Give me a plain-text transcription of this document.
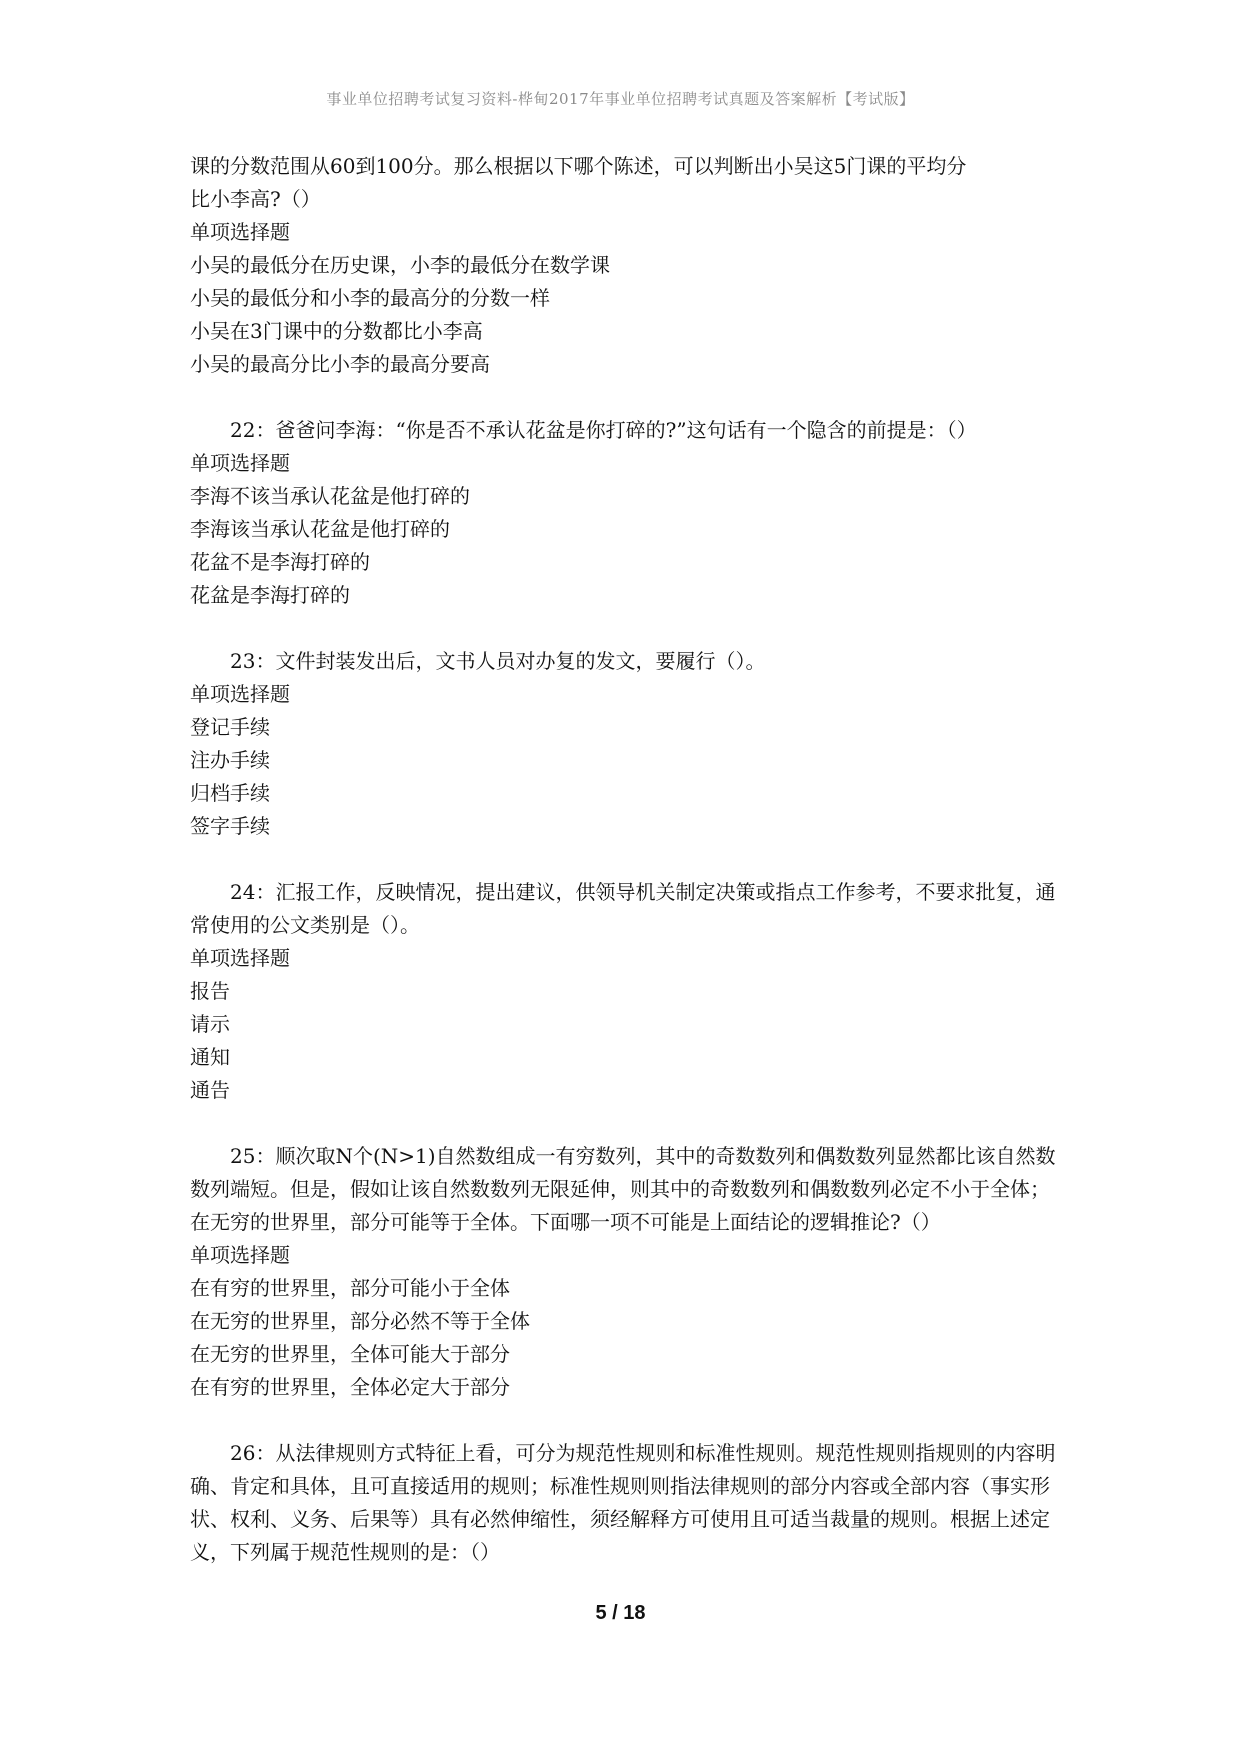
事业单位招聘考试复习资料-桦甸2017年事业单位招聘考试真题及答案解析【考试版】

课的分数范围从60到100分。那么根据以下哪个陈述，可以判断出小吴这5门课的平均分

比小李高?（）

单项选择题

小吴的最低分在历史课，小李的最低分在数学课

小吴的最低分和小李的最高分的分数一样

小吴在3门课中的分数都比小李高

小吴的最高分比小李的最高分要高

22：爸爸问李海：“你是否不承认花盆是你打碎的?”这句话有一个隐含的前提是：（）

单项选择题

李海不该当承认花盆是他打碎的

李海该当承认花盆是他打碎的

花盆不是李海打碎的

花盆是李海打碎的

23：文件封装发出后，文书人员对办复的发文，要履行（）。

单项选择题

登记手续

注办手续

归档手续

签字手续

24：汇报工作，反映情况，提出建议，供领导机关制定决策或指点工作参考，不要求批复，通常使用的公文类别是（）。

单项选择题

报告

请示

通知

通告

25：顺次取N个(N>1)自然数组成一有穷数列，其中的奇数数列和偶数数列显然都比该自然数数列端短。但是，假如让该自然数数列无限延伸，则其中的奇数数列和偶数数列必定不小于全体；在无穷的世界里，部分可能等于全体。下面哪一项不可能是上面结论的逻辑推论?（）

单项选择题

在有穷的世界里，部分可能小于全体

在无穷的世界里，部分必然不等于全体

在无穷的世界里，全体可能大于部分

在有穷的世界里，全体必定大于部分

26：从法律规则方式特征上看，可分为规范性规则和标准性规则。规范性规则指规则的内容明确、肯定和具体，且可直接适用的规则；标准性规则则指法律规则的部分内容或全部内容（事实形状、权利、义务、后果等）具有必然伸缩性，须经解释方可使用且可适当裁量的规则。根据上述定义，下列属于规范性规则的是：（）

5 / 18
